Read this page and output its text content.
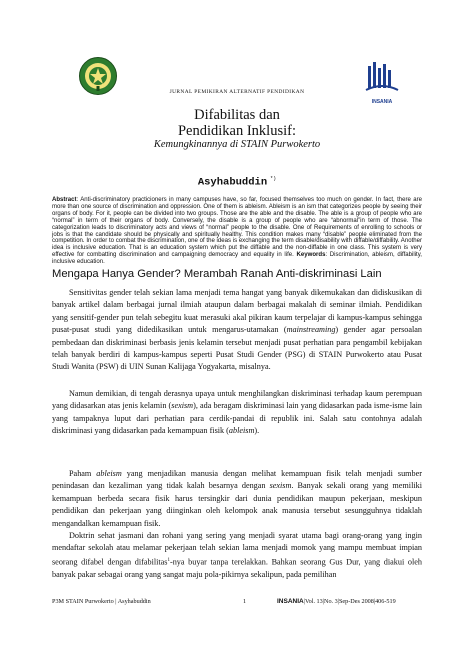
INSANIA
JURNAL PEMIKIRAN ALTERNATIF PENDIDIKAN
Difabilitas dan
Pendidikan Inklusif:
Kemungkinannya di STAIN Purwokerto
Asyhabuddin *)
Abstract: Anti-discriminatory practicioners in many campuses have, so far, focused themselves too much on gender. In fact, there are more than one source of discrimination and oppression. One of them is ableism. Ableism is an ism that categorizes people by seeing their organs of body. For it, people can be divided into two groups. Those are the able and the disable. The able is a group of people who are “normal” in term of their organs of body. Conversely, the disable is a group of people who are “abnormal”in term of those. The categorization leads to discriminatory acts and views of “normal” people to the disable. One of Requirements of enrolling to schools or jobs is that the candidate should be physically and spiritually healthy. This condition makes many “disable” people eliminated from the competition. In order to combat the discrimination, one of the ideas is exchanging the term disable/disability with diffable/diffability. Another idea is inclusive education. That is an education system which put the diffable and the non-diffable in one class. This system is very effective for combatting discrimination and campaigning democracy and equality in life. Keywords: Discrimination, ableism, diffability, inclusive education.
Mengapa Hanya Gender? Merambah Ranah Anti-diskriminasi Lain

Sensitivitas gender telah sekian lama menjadi tema hangat yang banyak dikemukakan dan didiskusikan di banyak artikel dalam berbagai jurnal ilmiah ataupun dalam berbagai makalah di seminar ilmiah. Pendidikan yang sensitif-gender pun telah sebegitu kuat merasuki akal pikiran kaum terpelajar di kampus-kampus sehingga pusat-pusat studi yang didedikasikan untuk mengarus-utamakan (mainstreaming) gender agar persoalan pembedaan dan diskriminasi berbasis jenis kelamin tersebut menjadi pusat perhatian para pengambil kebijakan telah banyak berdiri di kampus-kampus seperti Pusat Studi Gender (PSG) di STAIN Purwokerto atau Pusat Studi Wanita (PSW) di UIN Sunan Kalijaga Yogyakarta, misalnya.

Namun demikian, di tengah derasnya upaya untuk menghilangkan diskriminasi terhadap kaum perempuan yang didasarkan atas jenis kelamin (sexism), ada beragam diskriminasi lain yang didasarkan pada isme-isme lain yang tampaknya luput dari perhatian para cerdik-pandai di republik ini. Salah satu contohnya adalah diskriminasi yang didasarkan pada kemampuan fisik (ableism).

Paham ableism yang menjadikan manusia dengan melihat kemampuan fisik telah menjadi sumber penindasan dan kezaliman yang tidak kalah besarnya dengan sexism. Banyak sekali orang yang memiliki kemampuan berbeda secara fisik harus tersingkir dari dunia pendidikan maupun pekerjaan, meskipun pendidikan dan pekerjaan yang diinginkan oleh kelompok anak manusia tersebut sesungguhnya tidaklah mengandalkan kemampuan fisik.

Doktrin sehat jasmani dan rohani yang sering yang menjadi syarat utama bagi orang-orang yang ingin mendaftar sekolah atau melamar pekerjaan telah sekian lama menjadi momok yang mampu membuat impian seorang difabel dengan difabilitas$^1$-nya buyar tanpa terelakkan. Bahkan seorang Gus Dur, yang diakui oleh banyak pakar sebagai orang yang sangat maju pola-pikirnya sekalipun, pada pemilihan

P3M STAIN Purwokerto | Asyhabuddin	1	INSANIA|Vol. 13|No. 3|Sep-Des 2008|406-519
